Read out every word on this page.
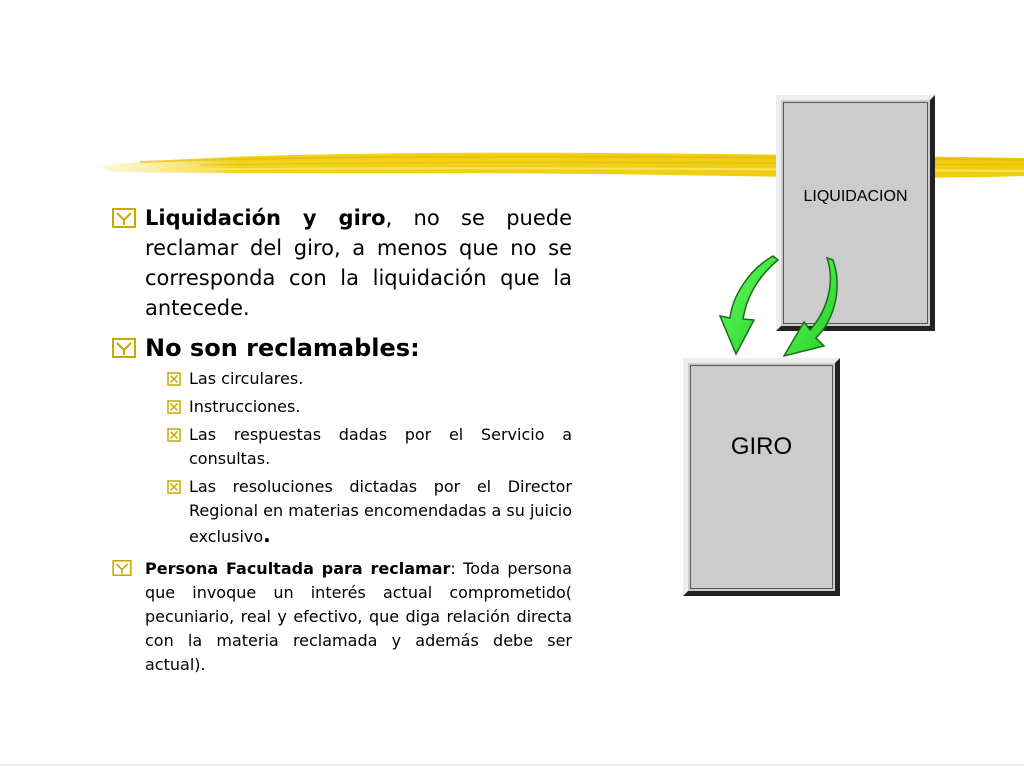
Liquidación y giro, no se puede reclamar del giro, a menos que no se corresponda con la liquidación que la antecede.
No son reclamables:
Las circulares.
Instrucciones.
Las respuestas dadas por el Servicio a consultas.
Las resoluciones dictadas por el Director Regional en materias encomendadas a su juicio exclusivo.
Persona Facultada para reclamar: Toda persona que invoque un interés actual comprometido( pecuniario, real y efectivo, que diga relación directa con la materia reclamada y además debe ser actual).
LIQUIDACION
GIRO
